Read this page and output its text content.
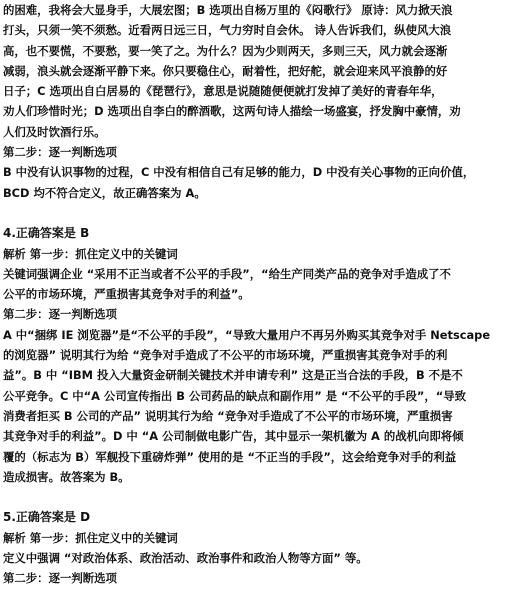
的困难，我将会大显身手，大展宏图；B 选项出自杨万里的《闷歌行》 原诗：风力掀天浪
打头，只须一笑不须愁。近看两日远三日，气力穷时自会休。 诗人告诉我们，纵使风大浪
高，也不要慌，不要愁，要一笑了之。为什么？因为少则两天，多则三天，风力就会逐渐
减弱，浪头就会逐渐平静下来。你只要稳住心，耐着性，把好舵，就会迎来风平浪静的好
日子；C 选项出自白居易的《琵琶行》，意思是说随随便便就打发掉了美好的青春年华，
劝人们珍惜时光；D 选项出自李白的醉酒歌，这两句诗人描绘一场盛宴，抒发胸中豪情，劝
人们及时饮酒行乐。
第二步：逐一判断选项
B 中没有认识事物的过程，C 中没有相信自己有足够的能力，D 中没有关心事物的正向价值，
BCD 均不符合定义，故正确答案为 A。
4.正确答案是 B
解析 第一步：抓住定义中的关键词
关键词强调企业 “采用不正当或者不公平的手段”，“给生产同类产品的竞争对手造成了不
公平的市场环境，严重损害其竞争对手的利益”。
第二步：逐一判断选项
A 中“捆绑 IE 浏览器”是“不公平的手段”，“导致大量用户不再另外购买其竞争对手 Netscape
的浏览器” 说明其行为给 “竞争对手造成了不公平的市场环境，严重损害其竞争对手的利
益”。B 中 “IBM 投入大量资金研制关键技术并申请专利” 这是正当合法的手段，B 不是不
公平竞争。C 中“A 公司宣传指出 B 公司药品的缺点和副作用” 是 “不公平的手段”，“导致
消费者拒买 B 公司的产品” 说明其行为给 “竞争对手造成了不公平的市场环境，严重损害
其竞争对手的利益”。D 中 “A 公司制做电影广告，其中显示一架机徽为 A 的战机向即将倾
覆的（标志为 B）军舰投下重磅炸弹” 使用的是 “不正当的手段”，这会给竞争对手的利益
造成损害。故答案为 B。
5.正确答案是 D
解析 第一步：抓住定义中的关键词
定义中强调 “对政治体系、政治活动、政治事件和政治人物等方面” 等。
第二步：逐一判断选项
